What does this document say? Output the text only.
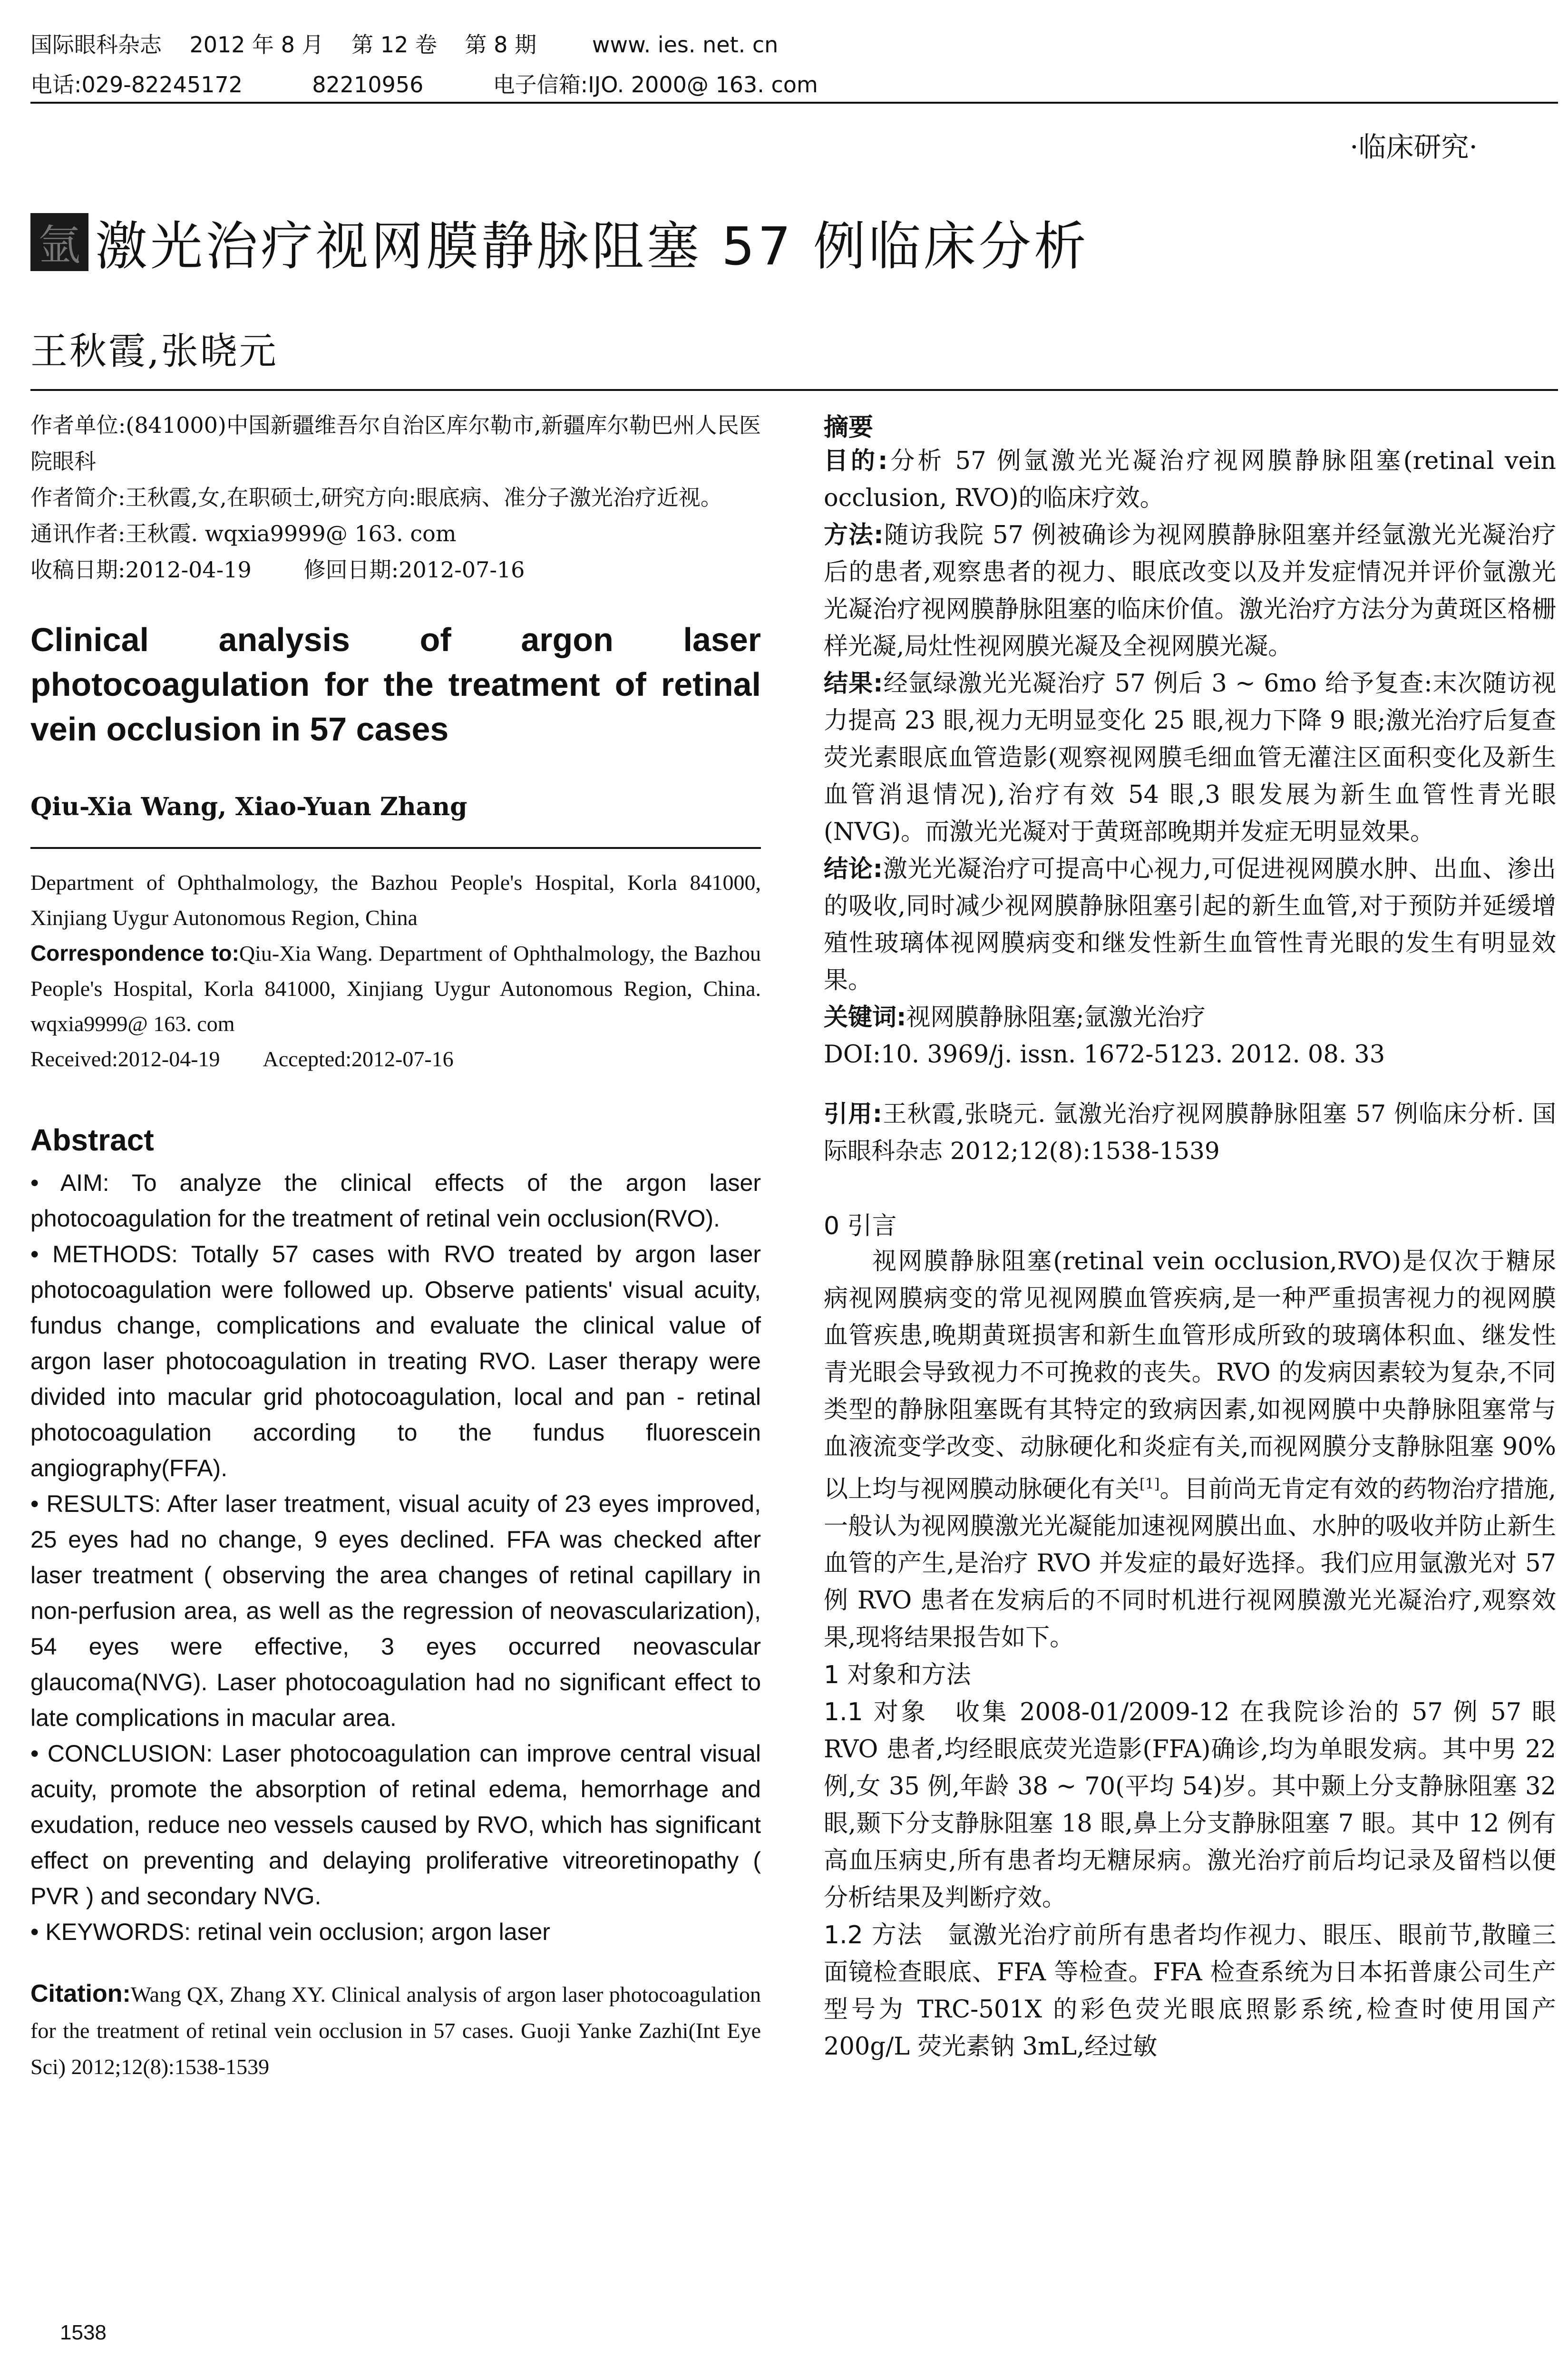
国际眼科杂志    2012 年 8 月    第 12 卷    第 8 期        www. ies. net. cn
电话:029-82245172          82210956          电子信箱:IJO. 2000@ 163. com
·临床研究·
氩 激光治疗视网膜静脉阻塞 57 例临床分析
王秋霞,张晓元

作者单位:(841000)中国新疆维吾尔自治区库尔勒市,新疆库尔勒巴州人民医院眼科

作者简介:王秋霞,女,在职硕士,研究方向:眼底病、准分子激光治疗近视。

通讯作者:王秋霞. wqxia9999@ 163. com

收稿日期:2012-04-19 修回日期:2012-07-16
Clinical analysis of argon laser photocoagulation for the treatment of retinal vein occlusion in 57 cases
Qiu-Xia Wang, Xiao-Yuan Zhang

Department of Ophthalmology, the Bazhou People's Hospital, Korla 841000, Xinjiang Uygur Autonomous Region, China

Correspondence to:Qiu-Xia Wang. Department of Ophthalmology, the Bazhou People's Hospital, Korla 841000, Xinjiang Uygur Autonomous Region, China. wqxia9999@ 163. com

Received:2012-04-19 Accepted:2012-07-16
Abstract

• AIM: To analyze the clinical effects of the argon laser photocoagulation for the treatment of retinal vein occlusion(RVO).

• METHODS: Totally 57 cases with RVO treated by argon laser photocoagulation were followed up. Observe patients' visual acuity, fundus change, complications and evaluate the clinical value of argon laser photocoagulation in treating RVO. Laser therapy were divided into macular grid photocoagulation, local and pan - retinal photocoagulation according to the fundus fluorescein angiography(FFA).

• RESULTS: After laser treatment, visual acuity of 23 eyes improved, 25 eyes had no change, 9 eyes declined. FFA was checked after laser treatment ( observing the area changes of retinal capillary in non-perfusion area, as well as the regression of neovascularization), 54 eyes were effective, 3 eyes occurred neovascular glaucoma(NVG). Laser photocoagulation had no significant effect to late complications in macular area.

• CONCLUSION: Laser photocoagulation can improve central visual acuity, promote the absorption of retinal edema, hemorrhage and exudation, reduce neo vessels caused by RVO, which has significant effect on preventing and delaying proliferative vitreoretinopathy ( PVR ) and secondary NVG.

• KEYWORDS: retinal vein occlusion; argon laser

Citation:Wang QX, Zhang XY. Clinical analysis of argon laser photocoagulation for the treatment of retinal vein occlusion in 57 cases. Guoji Yanke Zazhi(Int Eye Sci) 2012;12(8):1538-1539
摘要

目的:分析 57 例氩激光光凝治疗视网膜静脉阻塞(retinal vein occlusion, RVO)的临床疗效。

方法:随访我院 57 例被确诊为视网膜静脉阻塞并经氩激光光凝治疗后的患者,观察患者的视力、眼底改变以及并发症情况并评价氩激光光凝治疗视网膜静脉阻塞的临床价值。激光治疗方法分为黄斑区格栅样光凝,局灶性视网膜光凝及全视网膜光凝。

结果:经氩绿激光光凝治疗 57 例后 3 ~ 6mo 给予复查:末次随访视力提高 23 眼,视力无明显变化 25 眼,视力下降 9 眼;激光治疗后复查荧光素眼底血管造影(观察视网膜毛细血管无灌注区面积变化及新生血管消退情况),治疗有效 54 眼,3 眼发展为新生血管性青光眼(NVG)。而激光光凝对于黄斑部晚期并发症无明显效果。

结论:激光光凝治疗可提高中心视力,可促进视网膜水肿、出血、渗出的吸收,同时减少视网膜静脉阻塞引起的新生血管,对于预防并延缓增殖性玻璃体视网膜病变和继发性新生血管性青光眼的发生有明显效果。

关键词:视网膜静脉阻塞;氩激光治疗

DOI:10. 3969/j. issn. 1672-5123. 2012. 08. 33

引用:王秋霞,张晓元. 氩激光治疗视网膜静脉阻塞 57 例临床分析. 国际眼科杂志 2012;12(8):1538-1539
0 引言

视网膜静脉阻塞(retinal vein occlusion,RVO)是仅次于糖尿病视网膜病变的常见视网膜血管疾病,是一种严重损害视力的视网膜血管疾患,晚期黄斑损害和新生血管形成所致的玻璃体积血、继发性青光眼会导致视力不可挽救的丧失。RVO 的发病因素较为复杂,不同类型的静脉阻塞既有其特定的致病因素,如视网膜中央静脉阻塞常与血液流变学改变、动脉硬化和炎症有关,而视网膜分支静脉阻塞 90% 以上均与视网膜动脉硬化有关[1]。目前尚无肯定有效的药物治疗措施,一般认为视网膜激光光凝能加速视网膜出血、水肿的吸收并防止新生血管的产生,是治疗 RVO 并发症的最好选择。我们应用氩激光对 57 例 RVO 患者在发病后的不同时机进行视网膜激光光凝治疗,观察效果,现将结果报告如下。

1 对象和方法

1.1 对象　 收集 2008-01/2009-12 在我院诊治的 57 例 57 眼 RVO 患者,均经眼底荧光造影(FFA)确诊,均为单眼发病。其中男 22 例,女 35 例,年龄 38 ~ 70(平均 54)岁。其中颞上分支静脉阻塞 32 眼,颞下分支静脉阻塞 18 眼,鼻上分支静脉阻塞 7 眼。其中 12 例有高血压病史,所有患者均无糖尿病。激光治疗前后均记录及留档以便分析结果及判断疗效。

1.2 方法　 氩激光治疗前所有患者均作视力、眼压、眼前节,散瞳三面镜检查眼底、FFA 等检查。FFA 检查系统为日本拓普康公司生产型号为 TRC-501X 的彩色荧光眼底照影系统,检查时使用国产 200g/L 荧光素钠 3mL,经过敏

1538
